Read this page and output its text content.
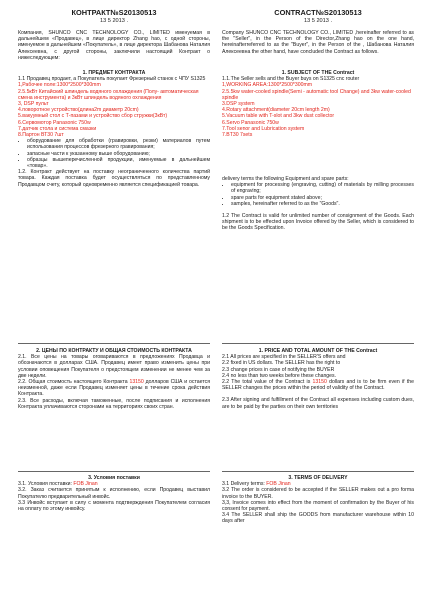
КОНТРАКТ№S20130513

13 5 2013 .

Компания, SHUNCO CNC TECHNOLOGY CO., LIMITED именуемая в дальнейшем «Продавец», в лице директор Zhang hao, с одной стороны, именуемое в дальнейшем «Покупатель», в лице директора Шабанова Наталия Алексеевна, с другой стороны, заключили настоящий Контракт о нижеследующем:

1. ПРЕДМЕТ КОНТРАКТА

1.1 Продавец продает, а Покупатель покупает Фрезерный станок с ЧПУ S1325

1,Рабочее поле:1300*2500*300mm

2.5.5кВт Китайский шпиндель водяного охлаждения (Полу- автоматическая смена инструмента) и 3кВт шпиндель водяного охлаждения

3, DSP пульт

4.поворотное устройство(длина2m диаметр 20cm)

5.вакуумный стол с Т-пазами и устройство сбор стружки(3кВт)

6.Сервомотор Panasonic 750w

7.датчик стола и система смазки

8.Партон ВТ30 7шт

• оборудование для обработки (гравировки, резки) материалов путем использования процессов фрезерного гравирования;
• запасные части к указанному выше оборудованию;
• образцы вышеперечисленной продукции, именуемые в дальнейшем «товар».

1.2. Контракт действует на поставку неограниченного количества партий товара. Каждая поставка будет осуществляться по представленному Продавцом счету, который одновременно является спецификацией товара.

2. ЦЕНЫ ПО КОНТРАКТУ И ОБЩАЯ СТОИМОСТЬ КОНТРАКТА

2.1. Все цены на товары оговариваются в предложениях Продавца и обозначаются в долларах США. Продавец имеет право изменить цены при условии оповещения Покупателя о предстоящем изменении не менее чем за две недели.

2.2. Общая стоимость настоящего Контракта 13150 долларов США и остается неизменной, даже если Продавец изменяет цены в течение срока действия Контракта.

2.3. Все расходы, включая таможенные, после подписания и исполнения Контракта уплачиваются сторонами на территориях своих стран.

3. Условия поставки

3.1. Условия поставки: FOB Jinan

3.2. Заказ считается принятым к исполнению, если Продавец выставил Покупателю предварительный инвойс.

3.3 Инвойс вступает в силу с момента подтверждения Покупателем согласия на оплату по этому инвойсу.

CONTRACT№S20130513

13 5 2013 .

Company SHUNCO CNC TECHNOLOGY CO., LIMITED ,hereinafter referred to as the "Seller", in the Person of the Director,Zhang hao on the one hand, hereinafterreferred to as the "Buyer", in the Person of the , Шабанова Наталия Алексеевна the other hand, have concluded the Contract as follows.

1. SUBJECT OF THE Contract

1.1.The Seller sells and the Buyer buys on S1325 cnc router

1,WORKING AREA:1300*2500*300mm

2.5.5kw water-cooled spindle(Semi - automatic tool Change) and 3kw water-cooled spindle

3.DSP system

4.Rotary attachment(diameter 20cm length 2m)

5.Vacuum table with T-slot and 3kw dust collector

6.Servo Panasonic 750w

7.Tool senor and Lubrication system

7.BT30 7sets

delivery terms the following Equipment and spare parts:

• equipment for processing (engraving, cutting) of materials by milling processes of engraving;
• spare parts for equipment stated above;
• samples, hereinafter referred to as the "Goods".

1.2 The Contract is valid for unlimited number of consignment of the Goods. Each shipment is to be effected upon Invoice offered by the Seller, which is considered to be the Goods Specification.

1. PRICE AND TOTAL AMOUNT OF THE Contract

2.1 All prices are specified in the SELLER'S offers and

2.2 fixed in US dollars. The SELLER has the right to

2.3 change prices in case of notifying the BUYER

2.4 no less than two weeks before these changes.

2.2 The total value of the Contract is 13150 dollars and is to be firm even if the SELLER changes the prices within the period of validity of the Contract.

2.3 After signing and fulfillment of the Contract all expenses including custom dues, are to be paid by the parties on their own territories

3. TERMS OF DELIVERY

3.1 Delivery terms: FOB Jinan

3.2 The order is considered to be accepted if the SELLER makes out a pro forma invoice to the BUYER.

3,3, Invoice comes into effect from the moment of confirmation by the Buyer of his consent for payment.

3.4 The SELLER shall ship the GOODS from manufacturer warehouse within 10 days after
